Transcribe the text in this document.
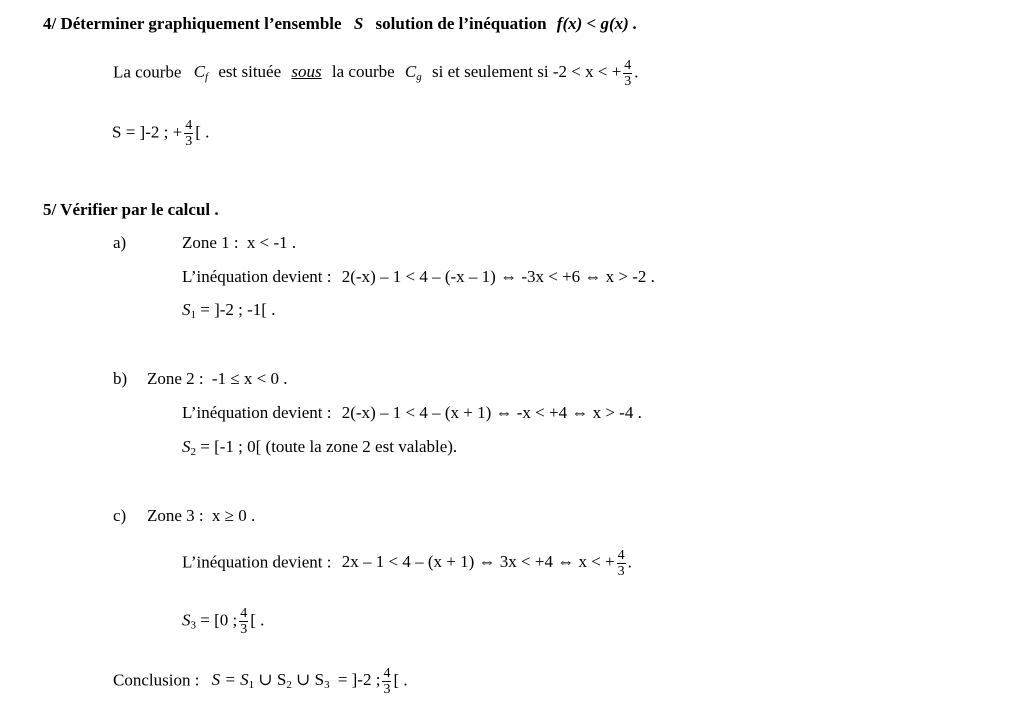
4/ Déterminer graphiquement l’ensemble S solution de l’inéquation f(x) < g(x) .
La courbe $C_f$ est située sous la courbe $C_g$ si et seulement si -2 < x < + $\frac{4}{3}$ .
S = ]-2 ; + $\frac{4}{3}$ [ .
5/ Vérifier par le calcul .
a)	Zone 1 : x < -1 .
L’inéquation devient : 2(-x) – 1 < 4 – (-x – 1) ⇔ -3x < +6 ⇔ x > -2 .
$S_1 = ]-2$ ; -1[ .
b) Zone 2 : -1 ≤ x < 0 .
L’inéquation devient : 2(-x) – 1 < 4 – (x + 1) ⇔ -x < +4 ⇔ x > -4 .
$S_2 = [-1$ ; 0[ (toute la zone 2 est valable).
c) Zone 3 : x ≥ 0 .
L’inéquation devient : 2x – 1 < 4 – (x + 1) ⇔ 3x < +4 ⇔ x < + $\frac{4}{3}$ .
$S_3 = [0$ ; $\frac{4}{3}$ [ .
Conclusion : $S = S_1$ ∪ $S_2$ ∪ $S_3 = ]-2$ ; $\frac{4}{3}$ [ .
